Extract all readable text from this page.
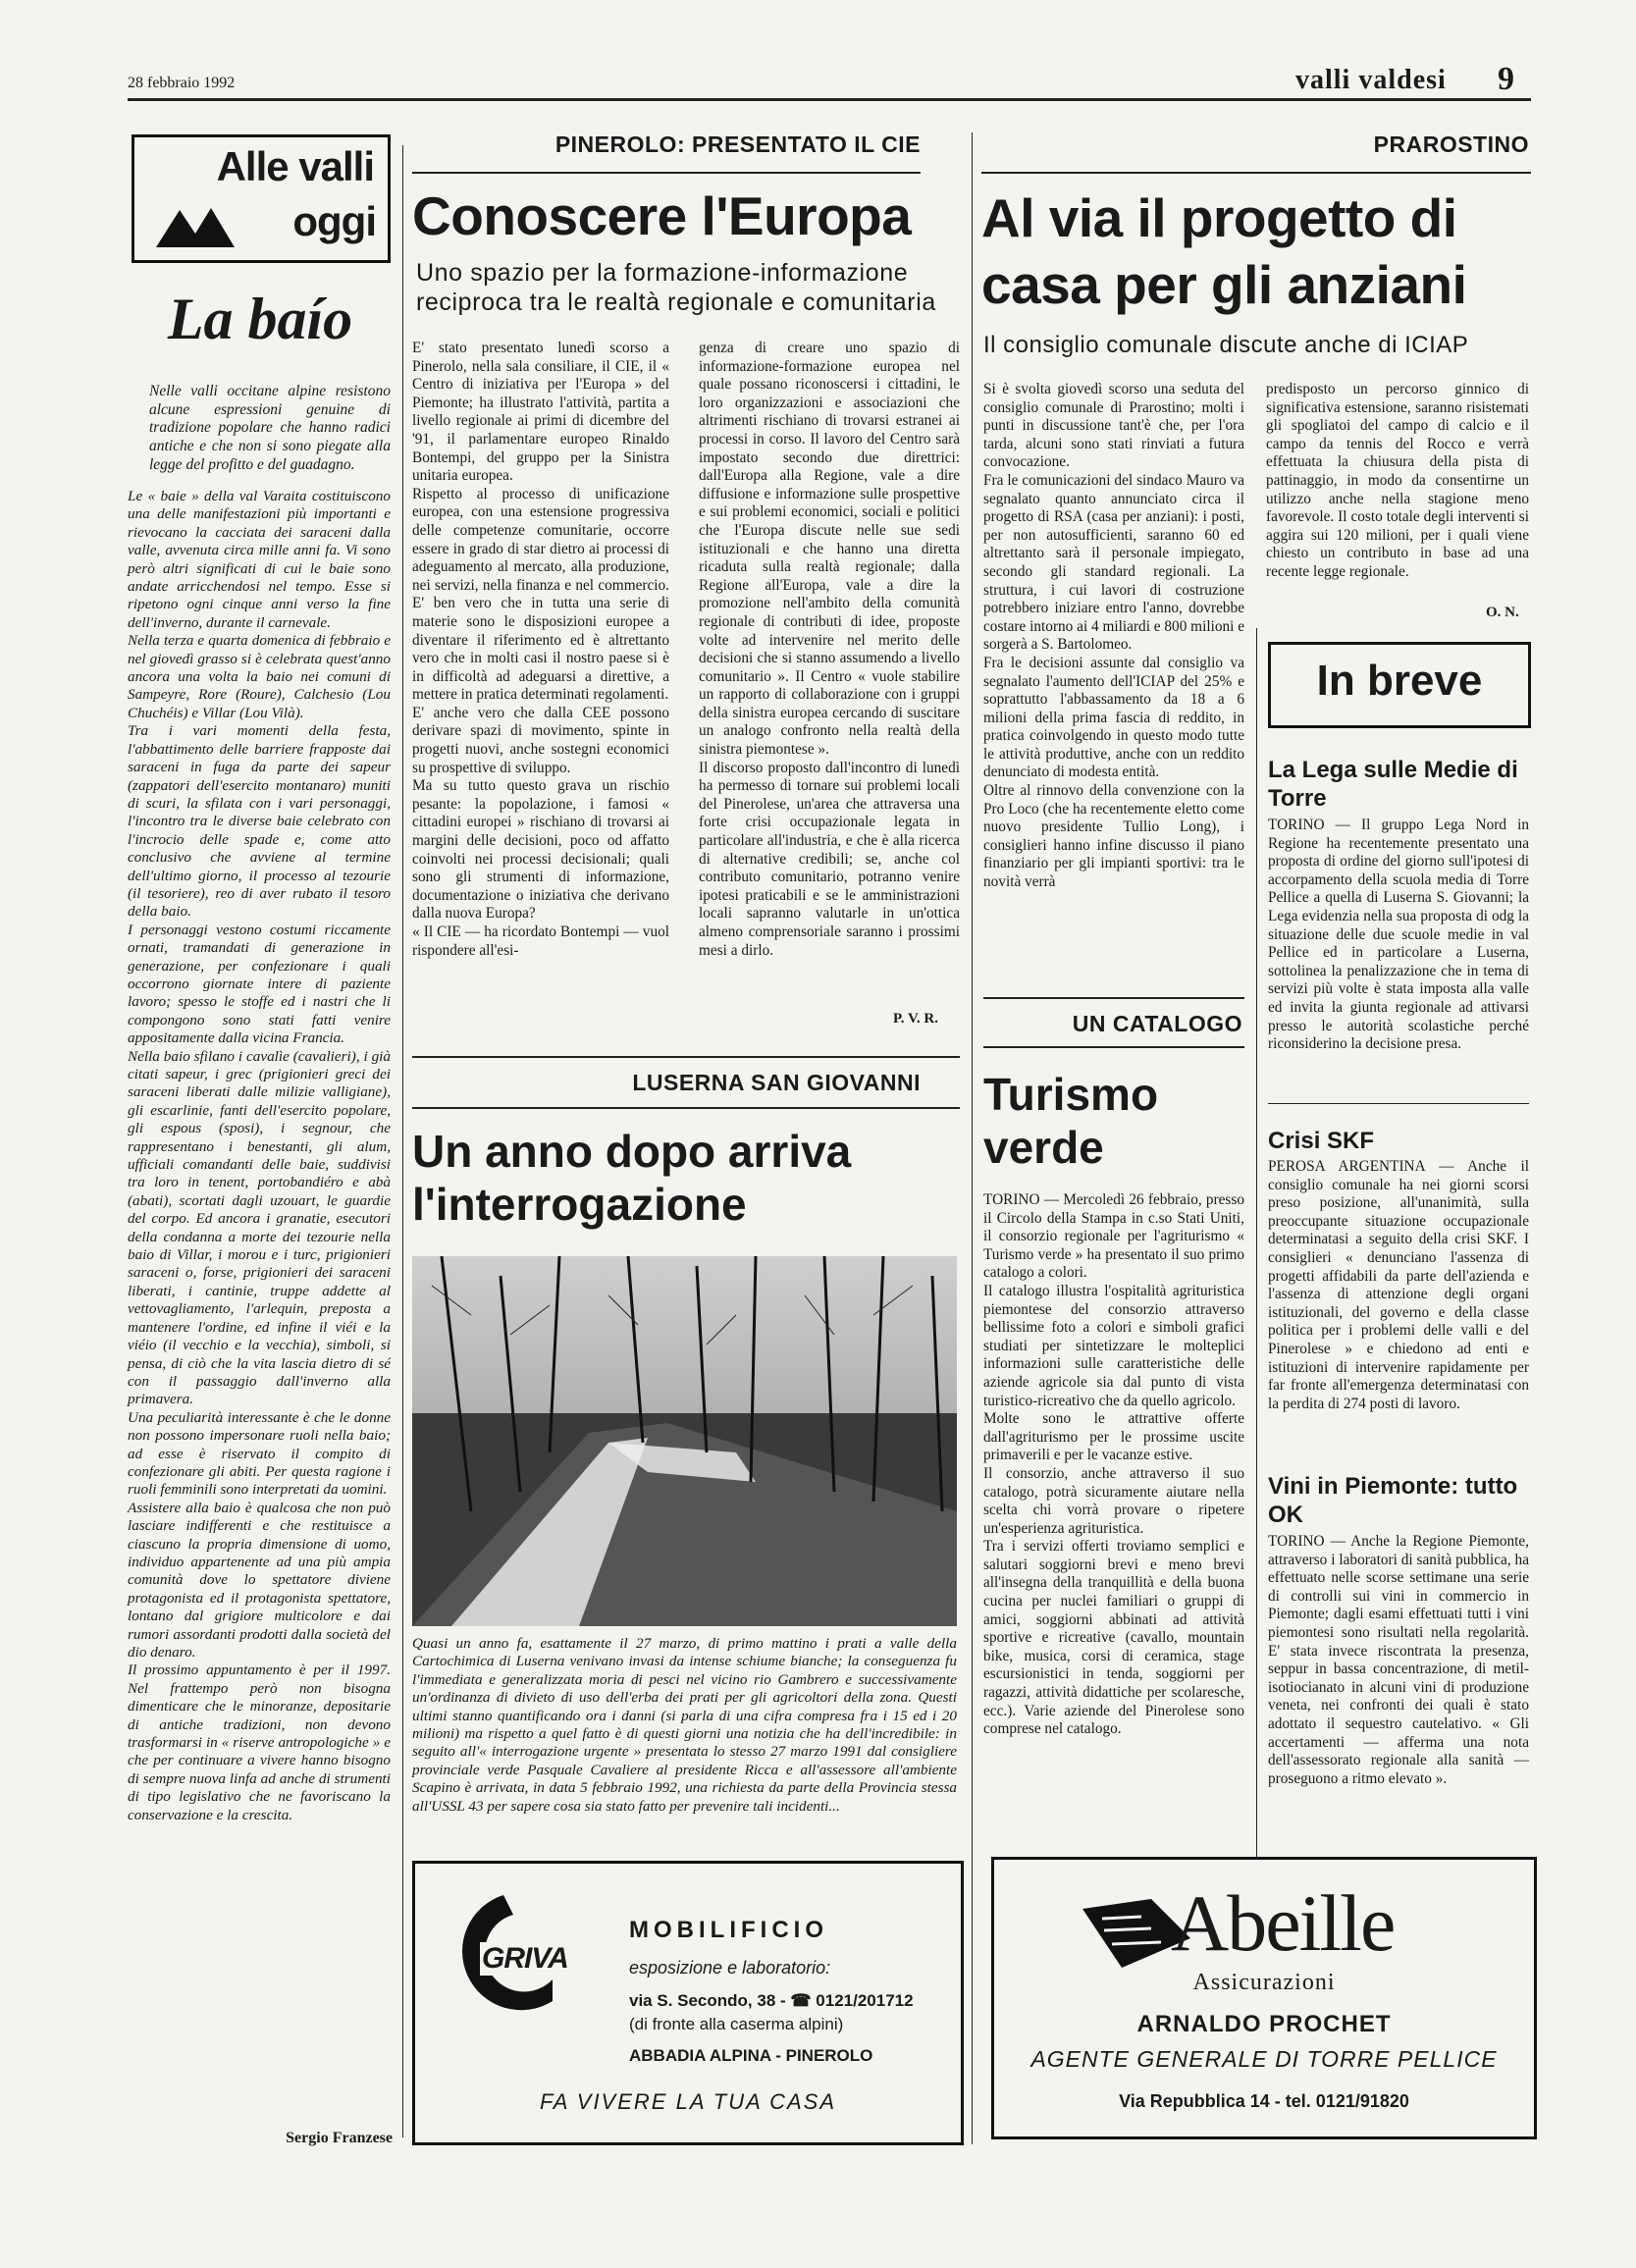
28 febbraio 1992	valli valdesi 9
Alle valli
oggi
La baío
Nelle valli occitane alpine resistono alcune espressioni genuine di tradizione popolare che hanno radici antiche e che non si sono piegate alla legge del profitto e del guadagno.
Le « baie » della val Varaita costituiscono una delle manifestazioni più importanti e rievocano la cacciata dei saraceni dalla valle, avvenuta circa mille anni fa. Vi sono però altri significati di cui le baie sono andate arricchendosi nel tempo. Esse si ripetono ogni cinque anni verso la fine dell'inverno, durante il carnevale.
Nella terza e quarta domenica di febbraio e nel giovedì grasso si è celebrata quest'anno ancora una volta la baio nei comuni di Sampeyre, Rore (Roure), Calchesio (Lou Chuchéis) e Villar (Lou Vilà).
Tra i vari momenti della festa, l'abbattimento delle barriere frapposte dai saraceni in fuga da parte dei sapeur (zappatori dell'esercito montanaro) muniti di scuri, la sfilata con i vari personaggi, l'incontro tra le diverse baie celebrato con l'incrocio delle spade e, come atto conclusivo che avviene al termine dell'ultimo giorno, il processo al tezourie (il tesoriere), reo di aver rubato il tesoro della baio.
I personaggi vestono costumi riccamente ornati, tramandati di generazione in generazione, per confezionare i quali occorrono giornate intere di paziente lavoro; spesso le stoffe ed i nastri che li compongono sono stati fatti venire appositamente dalla vicina Francia.
Nella baio sfilano i cavalìe (cavalieri), i già citati sapeur, i grec (prigionieri greci dei saraceni liberati dalle milizie valligiane), gli escarlinie, fanti dell'esercito popolare, gli espous (sposi), i segnour, che rappresentano i benestanti, gli alum, ufficiali comandanti delle baie, suddivisi tra loro in tenent, portobandiéro e abà (abati), scortati dagli uzouart, le guardie del corpo. Ed ancora i granatie, esecutori della condanna a morte dei tezourie nella baio di Villar, i morou e i turc, prigionieri saraceni o, forse, prigionieri dei saraceni liberati, i cantinie, truppe addette al vettovagliamento, l'arlequin, preposta a mantenere l'ordine, ed infine il viéi e la viéio (il vecchio e la vecchia), simboli, si pensa, di ciò che la vita lascia dietro di sé con il passaggio dall'inverno alla primavera.
Una peculiarità interessante è che le donne non possono impersonare ruoli nella baio; ad esse è riservato il compito di confezionare gli abiti. Per questa ragione i ruoli femminili sono interpretati da uomini.
Assistere alla baio è qualcosa che non può lasciare indifferenti e che restituisce a ciascuno la propria dimensione di uomo, individuo appartenente ad una più ampia comunità dove lo spettatore diviene protagonista ed il protagonista spettatore, lontano dal grigiore multicolore e dai rumori assordanti prodotti dalla società del dio denaro.
Il prossimo appuntamento è per il 1997. Nel frattempo però non bisogna dimenticare che le minoranze, depositarie di antiche tradizioni, non devono trasformarsi in « riserve antropologiche » e che per continuare a vivere hanno bisogno di sempre nuova linfa ad anche di strumenti di tipo legislativo che ne favoriscano la conservazione e la crescita.
Sergio Franzese
PINEROLO: PRESENTATO IL CIE
Conoscere l'Europa
Uno spazio per la formazione-informazione reciproca tra le realtà regionale e comunitaria
E' stato presentato lunedì scorso a Pinerolo, nella sala consiliare, il CIE, il « Centro di iniziativa per l'Europa » del Piemonte; ha illustrato l'attività, partita a livello regionale ai primi di dicembre del '91, il parlamentare europeo Rinaldo Bontempi, del gruppo per la Sinistra unitaria europea.
Rispetto al processo di unificazione europea, con una estensione progressiva delle competenze comunitarie, occorre essere in grado di star dietro ai processi di adeguamento al mercato, alla produzione, nei servizi, nella finanza e nel commercio. E' ben vero che in tutta una serie di materie sono le disposizioni europee a diventare il riferimento ed è altrettanto vero che in molti casi il nostro paese si è in difficoltà ad adeguarsi a direttive, a mettere in pratica determinati regolamenti.
E' anche vero che dalla CEE possono derivare spazi di movimento, spinte in progetti nuovi, anche sostegni economici su prospettive di sviluppo.
Ma su tutto questo grava un rischio pesante: la popolazione, i famosi « cittadini europei » rischiano di trovarsi ai margini delle decisioni, poco od affatto coinvolti nei processi decisionali; quali sono gli strumenti di informazione, documentazione o iniziativa che derivano dalla nuova Europa?
« Il CIE — ha ricordato Bontempi — vuol rispondere all'esi-
genza di creare uno spazio di informazione-formazione europea nel quale possano riconoscersi i cittadini, le loro organizzazioni e associazioni che altrimenti rischiano di trovarsi estranei ai processi in corso. Il lavoro del Centro sarà impostato secondo due direttrici: dall'Europa alla Regione, vale a dire diffusione e informazione sulle prospettive e sui problemi economici, sociali e politici che l'Europa discute nelle sue sedi istituzionali e che hanno una diretta ricaduta sulla realtà regionale; dalla Regione all'Europa, vale a dire la promozione nell'ambito della comunità regionale di contributi di idee, proposte volte ad intervenire nel merito delle decisioni che si stanno assumendo a livello comunitario ». Il Centro « vuole stabilire un rapporto di collaborazione con i gruppi della sinistra europea cercando di suscitare un analogo confronto nella realtà della sinistra piemontese ».
Il discorso proposto dall'incontro di lunedì ha permesso di tornare sui problemi locali del Pinerolese, un'area che attraversa una forte crisi occupazionale legata in particolare all'industria, e che è alla ricerca di alternative credibili; se, anche col contributo comunitario, potranno venire ipotesi praticabili e se le amministrazioni locali sapranno valutarle in un'ottica almeno comprensoriale saranno i prossimi mesi a dirlo.
P. V. R.
LUSERNA SAN GIOVANNI
Un anno dopo arriva l'interrogazione
Quasi un anno fa, esattamente il 27 marzo, di primo mattino i prati a valle della Cartochimica di Luserna venivano invasi da intense schiume bianche; la conseguenza fu l'immediata e generalizzata moria di pesci nel vicino rio Gambrero e successivamente un'ordinanza di divieto di uso dell'erba dei prati per gli agricoltori della zona. Questi ultimi stanno quantificando ora i danni (si parla di una cifra compresa fra i 15 ed i 20 milioni) ma rispetto a quel fatto è di questi giorni una notizia che ha dell'incredibile: in seguito all'« interrogazione urgente » presentata lo stesso 27 marzo 1991 dal consigliere provinciale verde Pasquale Cavaliere al presidente Ricca e all'assessore all'ambiente Scapino è arrivata, in data 5 febbraio 1992, una richiesta da parte della Provincia stessa all'USSL 43 per sapere cosa sia stato fatto per prevenire tali incidenti...
GRIVA
MOBILIFICIO
esposizione e laboratorio:
via S. Secondo, 38 - ☎ 0121/201712
(di fronte alla caserma alpini)
ABBADIA ALPINA - PINEROLO
FA VIVERE LA TUA CASA
PRAROSTINO
Al via il progetto di casa per gli anziani
Il consiglio comunale discute anche di ICIAP
Si è svolta giovedì scorso una seduta del consiglio comunale di Prarostino; molti i punti in discussione tant'è che, per l'ora tarda, alcuni sono stati rinviati a futura convocazione.
Fra le comunicazioni del sindaco Mauro va segnalato quanto annunciato circa il progetto di RSA (casa per anziani): i posti, per non autosufficienti, saranno 60 ed altrettanto sarà il personale impiegato, secondo gli standard regionali. La struttura, i cui lavori di costruzione potrebbero iniziare entro l'anno, dovrebbe costare intorno ai 4 miliardi e 800 milioni e sorgerà a S. Bartolomeo.
Fra le decisioni assunte dal consiglio va segnalato l'aumento dell'ICIAP del 25% e soprattutto l'abbassamento da 18 a 6 milioni della prima fascia di reddito, in pratica coinvolgendo in questo modo tutte le attività produttive, anche con un reddito denunciato di modesta entità.
Oltre al rinnovo della convenzione con la Pro Loco (che ha recentemente eletto come nuovo presidente Tullio Long), i consiglieri hanno infine discusso il piano finanziario per gli impianti sportivi: tra le novità verrà
predisposto un percorso ginnico di significativa estensione, saranno risistemati gli spogliatoi del campo di calcio e il campo da tennis del Rocco e verrà effettuata la chiusura della pista di pattinaggio, in modo da consentirne un utilizzo anche nella stagione meno favorevole. Il costo totale degli interventi si aggira sui 120 milioni, per i quali viene chiesto un contributo in base ad una recente legge regionale.
O. N.
In breve
La Lega sulle Medie di Torre
TORINO — Il gruppo Lega Nord in Regione ha recentemente presentato una proposta di ordine del giorno sull'ipotesi di accorpamento della scuola media di Torre Pellice a quella di Luserna S. Giovanni; la Lega evidenzia nella sua proposta di odg la situazione delle due scuole medie in val Pellice ed in particolare a Luserna, sottolinea la penalizzazione che in tema di servizi più volte è stata imposta alla valle ed invita la giunta regionale ad attivarsi presso le autorità scolastiche perché riconsiderino la decisione presa.
Crisi SKF
PEROSA ARGENTINA — Anche il consiglio comunale ha nei giorni scorsi preso posizione, all'unanimità, sulla preoccupante situazione occupazionale determinatasi a seguito della crisi SKF. I consiglieri « denunciano l'assenza di progetti affidabili da parte dell'azienda e l'assenza di attenzione degli organi istituzionali, del governo e della classe politica per i problemi delle valli e del Pinerolese » e chiedono ad enti e istituzioni di intervenire rapidamente per far fronte all'emergenza determinatasi con la perdita di 274 posti di lavoro.
Vini in Piemonte: tutto OK
TORINO — Anche la Regione Piemonte, attraverso i laboratori di sanità pubblica, ha effettuato nelle scorse settimane una serie di controlli sui vini in commercio in Piemonte; dagli esami effettuati tutti i vini piemontesi sono risultati nella regolarità. E' stata invece riscontrata la presenza, seppur in bassa concentrazione, di metil-isotiocianato in alcuni vini di produzione veneta, nei confronti dei quali è stato adottato il sequestro cautelativo. « Gli accertamenti — afferma una nota dell'assessorato regionale alla sanità — proseguono a ritmo elevato ».
UN CATALOGO
Turismo verde
TORINO — Mercoledì 26 febbraio, presso il Circolo della Stampa in c.so Stati Uniti, il consorzio regionale per l'agriturismo « Turismo verde » ha presentato il suo primo catalogo a colori.
Il catalogo illustra l'ospitalità agrituristica piemontese del consorzio attraverso bellissime foto a colori e simboli grafici studiati per sintetizzare le molteplici informazioni sulle caratteristiche delle aziende agricole sia dal punto di vista turistico-ricreativo che da quello agricolo.
Molte sono le attrattive offerte dall'agriturismo per le prossime uscite primaverili e per le vacanze estive.
Il consorzio, anche attraverso il suo catalogo, potrà sicuramente aiutare nella scelta chi vorrà provare o ripetere un'esperienza agrituristica.
Tra i servizi offerti troviamo semplici e salutari soggiorni brevi e meno brevi all'insegna della tranquillità e della buona cucina per nuclei familiari o gruppi di amici, soggiorni abbinati ad attività sportive e ricreative (cavallo, mountain bike, musica, corsi di ceramica, stage escursionistici in tenda, soggiorni per ragazzi, attività didattiche per scolaresche, ecc.). Varie aziende del Pinerolese sono comprese nel catalogo.
Abeille
Assicurazioni
ARNALDO PROCHET
AGENTE GENERALE DI TORRE PELLICE
Via Repubblica 14 - tel. 0121/91820
